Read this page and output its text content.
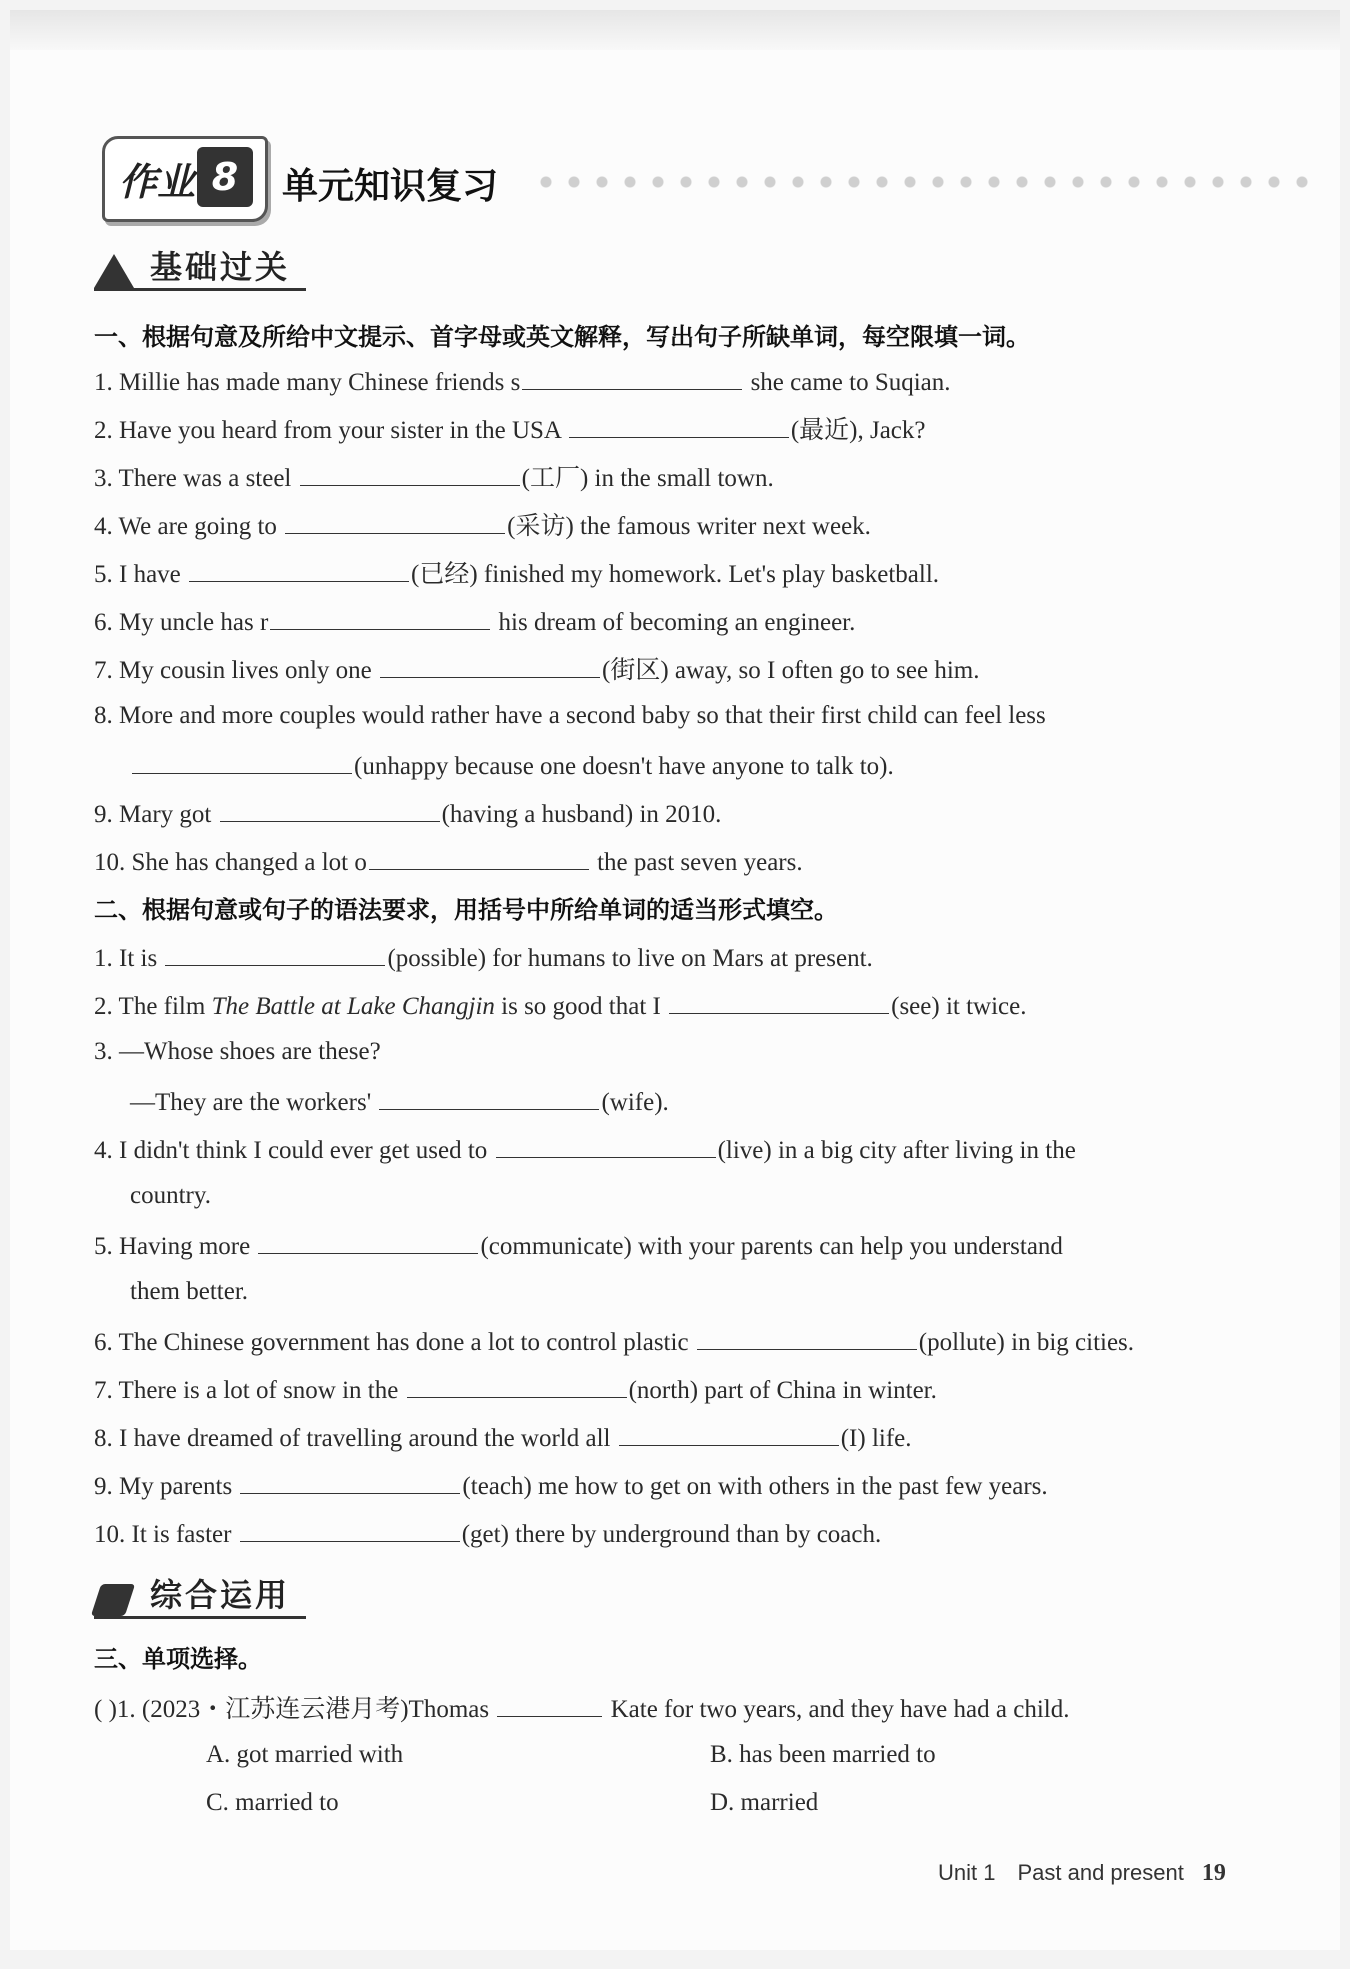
作业 8	单元知识复习
基础过关
一、根据句意及所给中文提示、首字母或英文解释，写出句子所缺单词，每空限填一词。
1. Millie has made many Chinese friends s	she came to Suqian.
2. Have you heard from your sister in the USA	(最近), Jack?
3. There was a steel	(工厂) in the small town.
4. We are going to	(采访) the famous writer next week.
5. I have	(已经) finished my homework. Let's play basketball.
6. My uncle has r	his dream of becoming an engineer.
7. My cousin lives only one	(街区) away, so I often go to see him.
8. More and more couples would rather have a second baby so that their first child can feel less
(unhappy because one doesn't have anyone to talk to).
9. Mary got	(having a husband) in 2010.
10. She has changed a lot o	the past seven years.
二、根据句意或句子的语法要求，用括号中所给单词的适当形式填空。
1. It is	(possible) for humans to live on Mars at present.
2. The film The Battle at Lake Changjin is so good that I	(see) it twice.
3. —Whose shoes are these?
—They are the workers'	(wife).
4. I didn't think I could ever get used to	(live) in a big city after living in the
country.
5. Having more	(communicate) with your parents can help you understand
them better.
6. The Chinese government has done a lot to control plastic	(pollute) in big cities.
7. There is a lot of snow in the	(north) part of China in winter.
8. I have dreamed of travelling around the world all	(I) life.
9. My parents	(teach) me how to get on with others in the past few years.
10. It is faster	(get) there by underground than by coach.
综合运用
三、单项选择。
( )1. (2023・江苏连云港月考)Thomas	Kate for two years, and they have had a child.
A. got married with	B. has been married to
C. married to	D. married
Unit 1 Past and present 19
